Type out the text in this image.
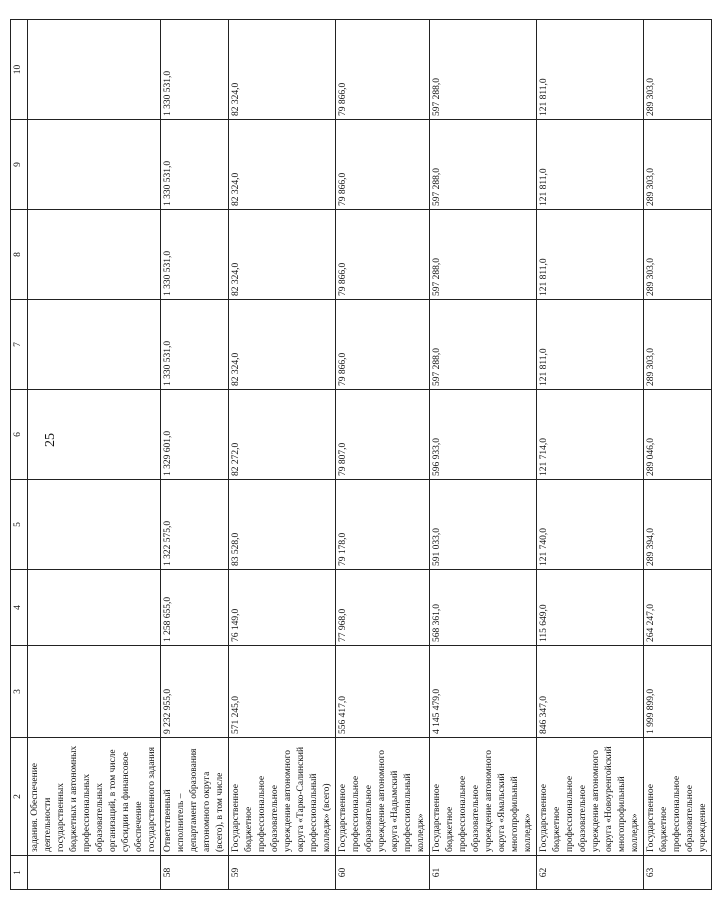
25
1	2	3	4	5	6	7	8	9	10
	задания. Обеспечение деятельности государственных бюджетных и автономных профессиональных образовательных организаций, в том числе субсидии на финансовое обеспечение государственного задания								
58	Ответственный исполнитель – департамент образования автономного округа (всего), в том числе	9 232 955,0	1 258 655,0	1 322 575,0	1 329 601,0	1 330 531,0	1 330 531,0	1 330 531,0	1 330 531,0
59	Государственное бюджетное профессиональное образовательное учреждение автономного округа «Тарко-Салинский профессиональный колледж» (всего)	571 245,0	76 149,0	83 528,0	82 272,0	82 324,0	82 324,0	82 324,0	82 324,0
60	Государственное профессиональное образовательное учреждение автономного округа «Надымский профессиональный колледж»	556 417,0	77 968,0	79 178,0	79 807,0	79 866,0	79 866,0	79 866,0	79 866,0
61	Государственное бюджетное профессиональное образовательное учреждение автономного округа «Ямальский многопрофильный колледж»	4 145 479,0	568 361,0	591 033,0	596 933,0	597 288,0	597 288,0	597 288,0	597 288,0
62	Государственное бюджетное профессиональное образовательное учреждение автономного округа «Новоуренгойский многопрофильный колледж»	846 347,0	115 649,0	121 740,0	121 714,0	121 811,0	121 811,0	121 811,0	121 811,0
63	Государственное бюджетное профессиональное образовательное учреждение	1 999 899,0	264 247,0	289 394,0	289 046,0	289 303,0	289 303,0	289 303,0	289 303,0
